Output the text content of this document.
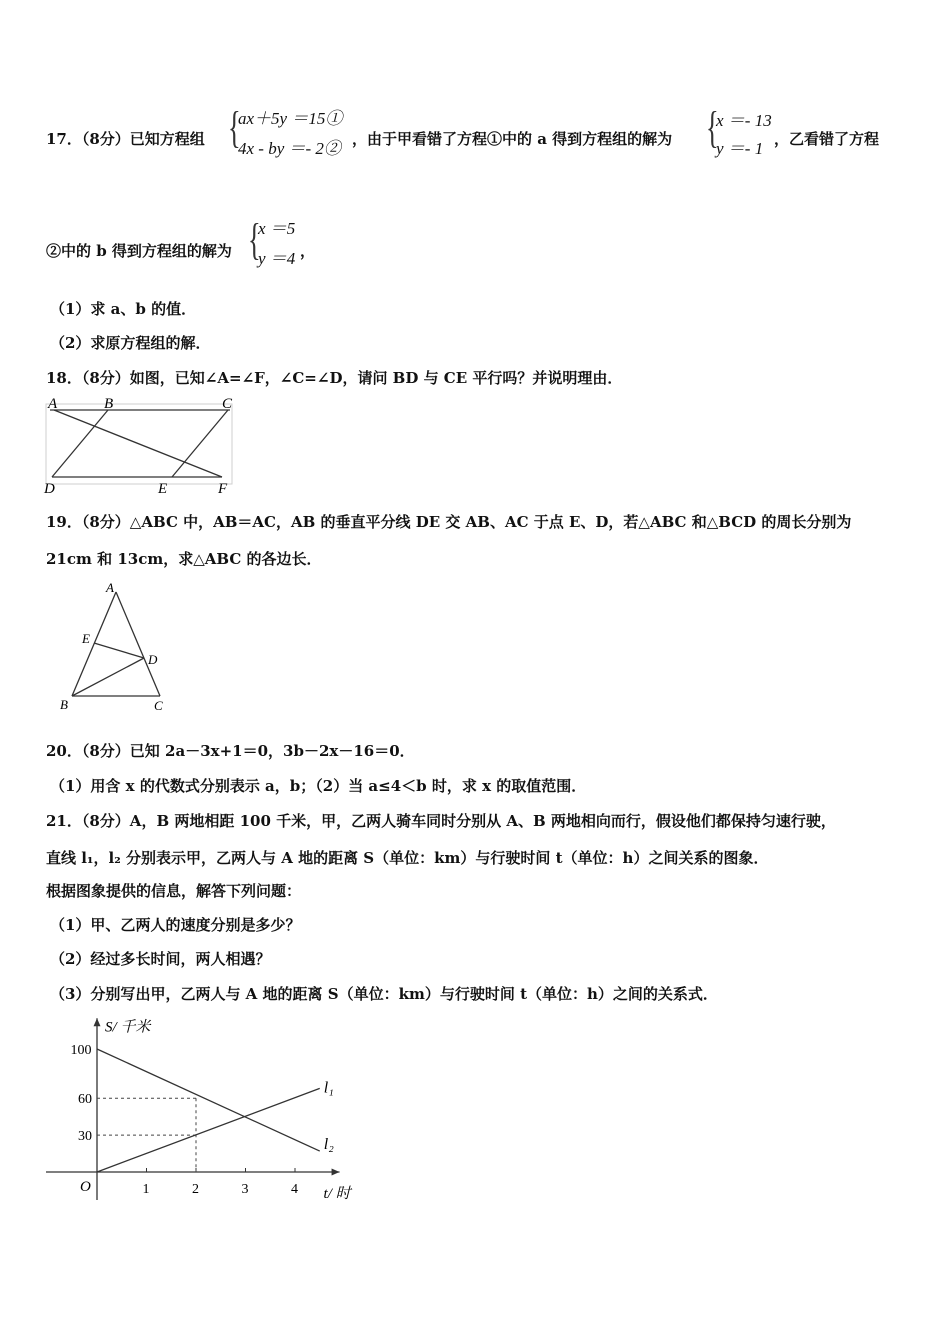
17．（8分）已知方程组 {
ax＋5y ＝15①
4x - by ＝- 2② ，由于甲看错了方程①中的 a 得到方程组的解为 {
x ＝- 13
y ＝- 1 ，乙看错了方程
②中的 b 得到方程组的解为 {
x ＝5
y ＝4 ，
（1）求 a、b 的值．
（2）求原方程组的解．
18．（8分）如图，已知∠A=∠F，∠C=∠D，请问 BD 与 CE 平行吗？并说明理由．
A	B	C
D	E	F
19．（8分）△ABC 中，AB＝AC，AB 的垂直平分线 DE 交 AB、AC 于点 E、D，若△ABC 和△BCD 的周长分别为
21cm 和 13cm，求△ABC 的各边长．
A
E
D
B	C
20．（8分）已知 2a－3x+1＝0，3b－2x－16＝0．
（1）用含 x 的代数式分别表示 a，b；（2）当 a≤4＜b 时，求 x 的取值范围．
21．（8分）A，B 两地相距 100 千米，甲，乙两人骑车同时分别从 A、B 两地相向而行，假设他们都保持匀速行驶，
直线 l₁，l₂ 分别表示甲，乙两人与 A 地的距离 S（单位：km）与行驶时间 t（单位：h）之间关系的图象．
根据图象提供的信息，解答下列问题：
（1）甲、乙两人的速度分别是多少？
（2）经过多长时间，两人相遇？
（3）分别写出甲，乙两人与 A 地的距离 S（单位：km）与行驶时间 t（单位：h）之间的关系式．
S/ 千米
t/ 时
O	1	2	3	4
100
60
30
l₁
l₂
